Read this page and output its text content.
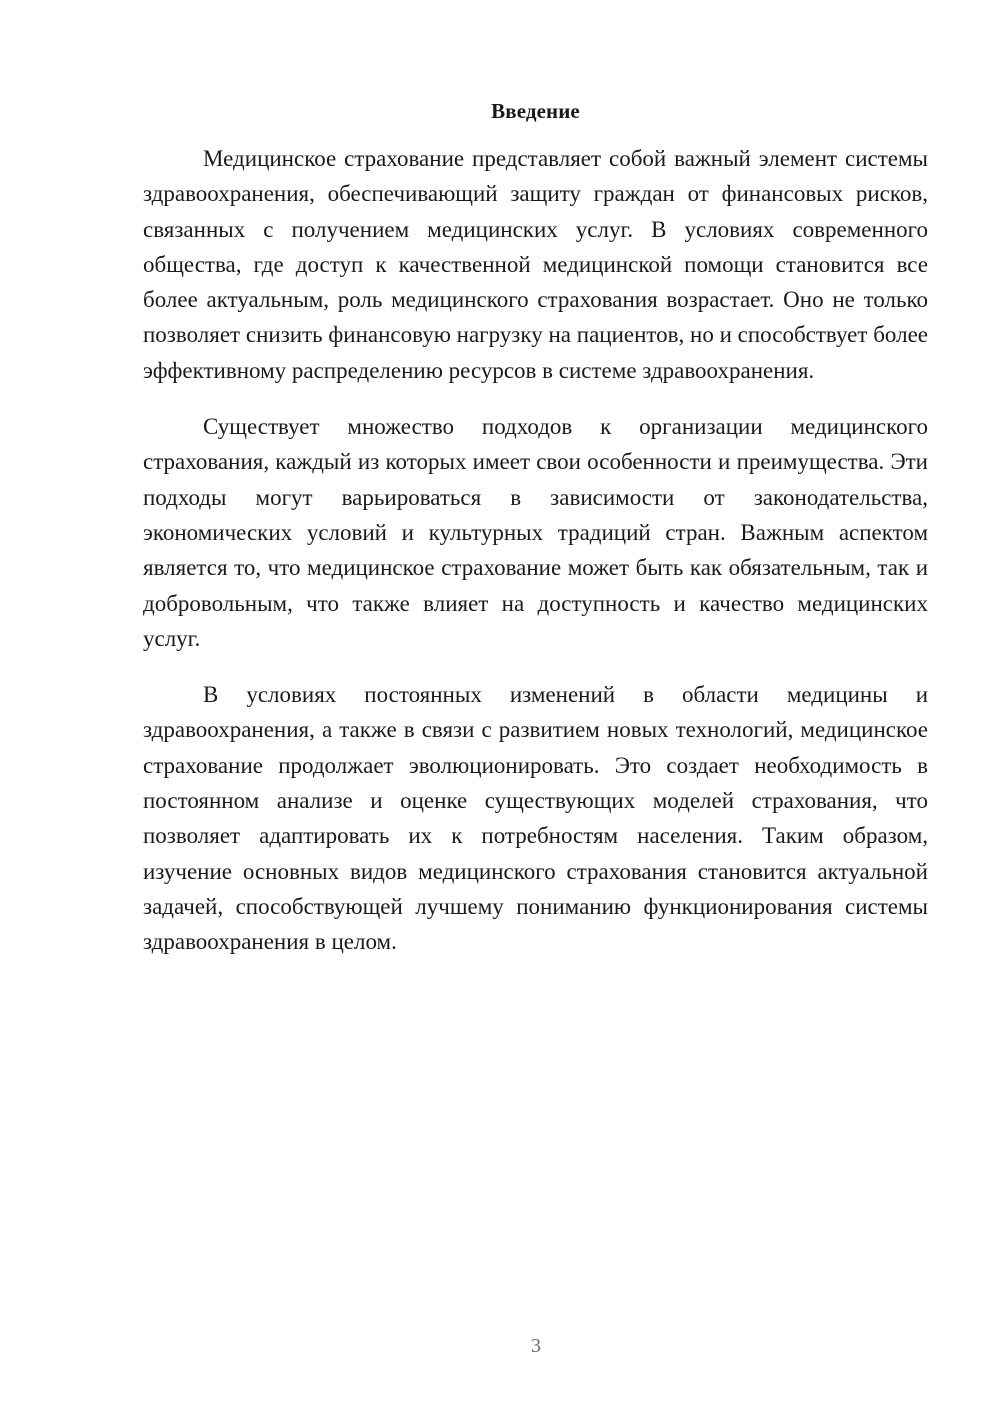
Введение

Медицинское страхование представляет собой важный элемент системы здравоохранения, обеспечивающий защиту граждан от финансовых рисков, связанных с получением медицинских услуг. В условиях современного общества, где доступ к качественной медицинской помощи становится все более актуальным, роль медицинского страхования возрастает. Оно не только позволяет снизить финансовую нагрузку на пациентов, но и способствует более эффективному распределению ресурсов в системе здравоохранения.

Существует множество подходов к организации медицинского страхования, каждый из которых имеет свои особенности и преимущества. Эти подходы могут варьироваться в зависимости от законодательства, экономических условий и культурных традиций стран. Важным аспектом является то, что медицинское страхование может быть как обязательным, так и добровольным, что также влияет на доступность и качество медицинских услуг.

В условиях постоянных изменений в области медицины и здравоохранения, а также в связи с развитием новых технологий, медицинское страхование продолжает эволюционировать. Это создает необходимость в постоянном анализе и оценке существующих моделей страхования, что позволяет адаптировать их к потребностям населения. Таким образом, изучение основных видов медицинского страхования становится актуальной задачей, способствующей лучшему пониманию функционирования системы здравоохранения в целом.

3
